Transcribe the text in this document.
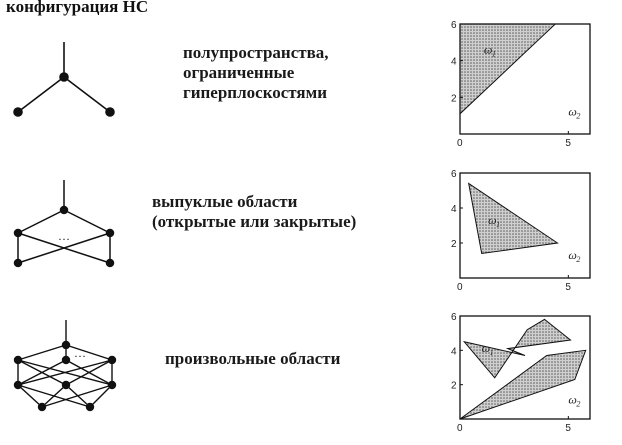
конфигурация НС
полупространства,
ограниченные
гиперплоскостями
выпуклые области
(открытые или закрытые)
произвольные области
…
…
6
4
2
0	5
ω 1
ω 2
6
4
2
0	5
ω 1
ω 2
6
4
2
0	5
ω 1
ω 2
